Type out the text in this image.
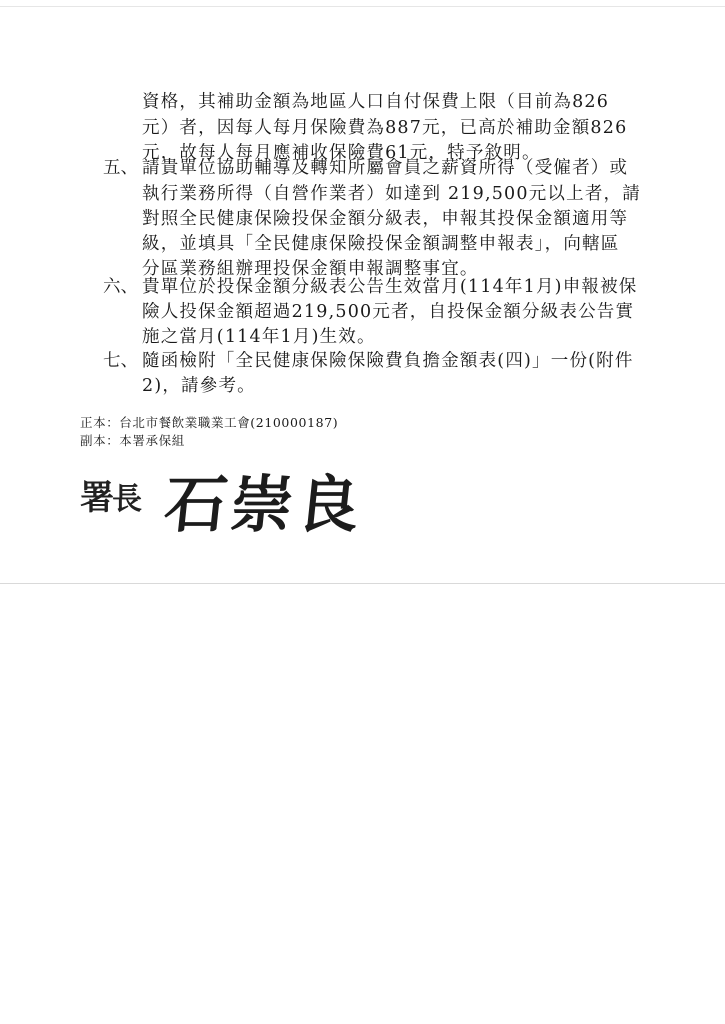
資格，其補助金額為地區人口自付保費上限（目前為826
元）者，因每人每月保險費為887元，已高於補助金額826
元，故每人每月應補收保險費61元，特予敘明。
五、 請貴單位協助輔導及轉知所屬會員之薪資所得（受僱者）或
執行業務所得（自營作業者）如達到 219,500元以上者，請
對照全民健康保險投保金額分級表，申報其投保金額適用等
級，並填具「全民健康保險投保金額調整申報表」，向轄區
分區業務組辦理投保金額申報調整事宜。
六、 貴單位於投保金額分級表公告生效當月(114年1月)申報被保
險人投保金額超過219,500元者，自投保金額分級表公告實
施之當月(114年1月)生效。
七、 隨函檢附「全民健康保險保險費負擔金額表(四)」一份(附件
2)，請參考。
正本：台北市餐飲業職業工會(210000187)
副本：本署承保組
署長 石崇良
